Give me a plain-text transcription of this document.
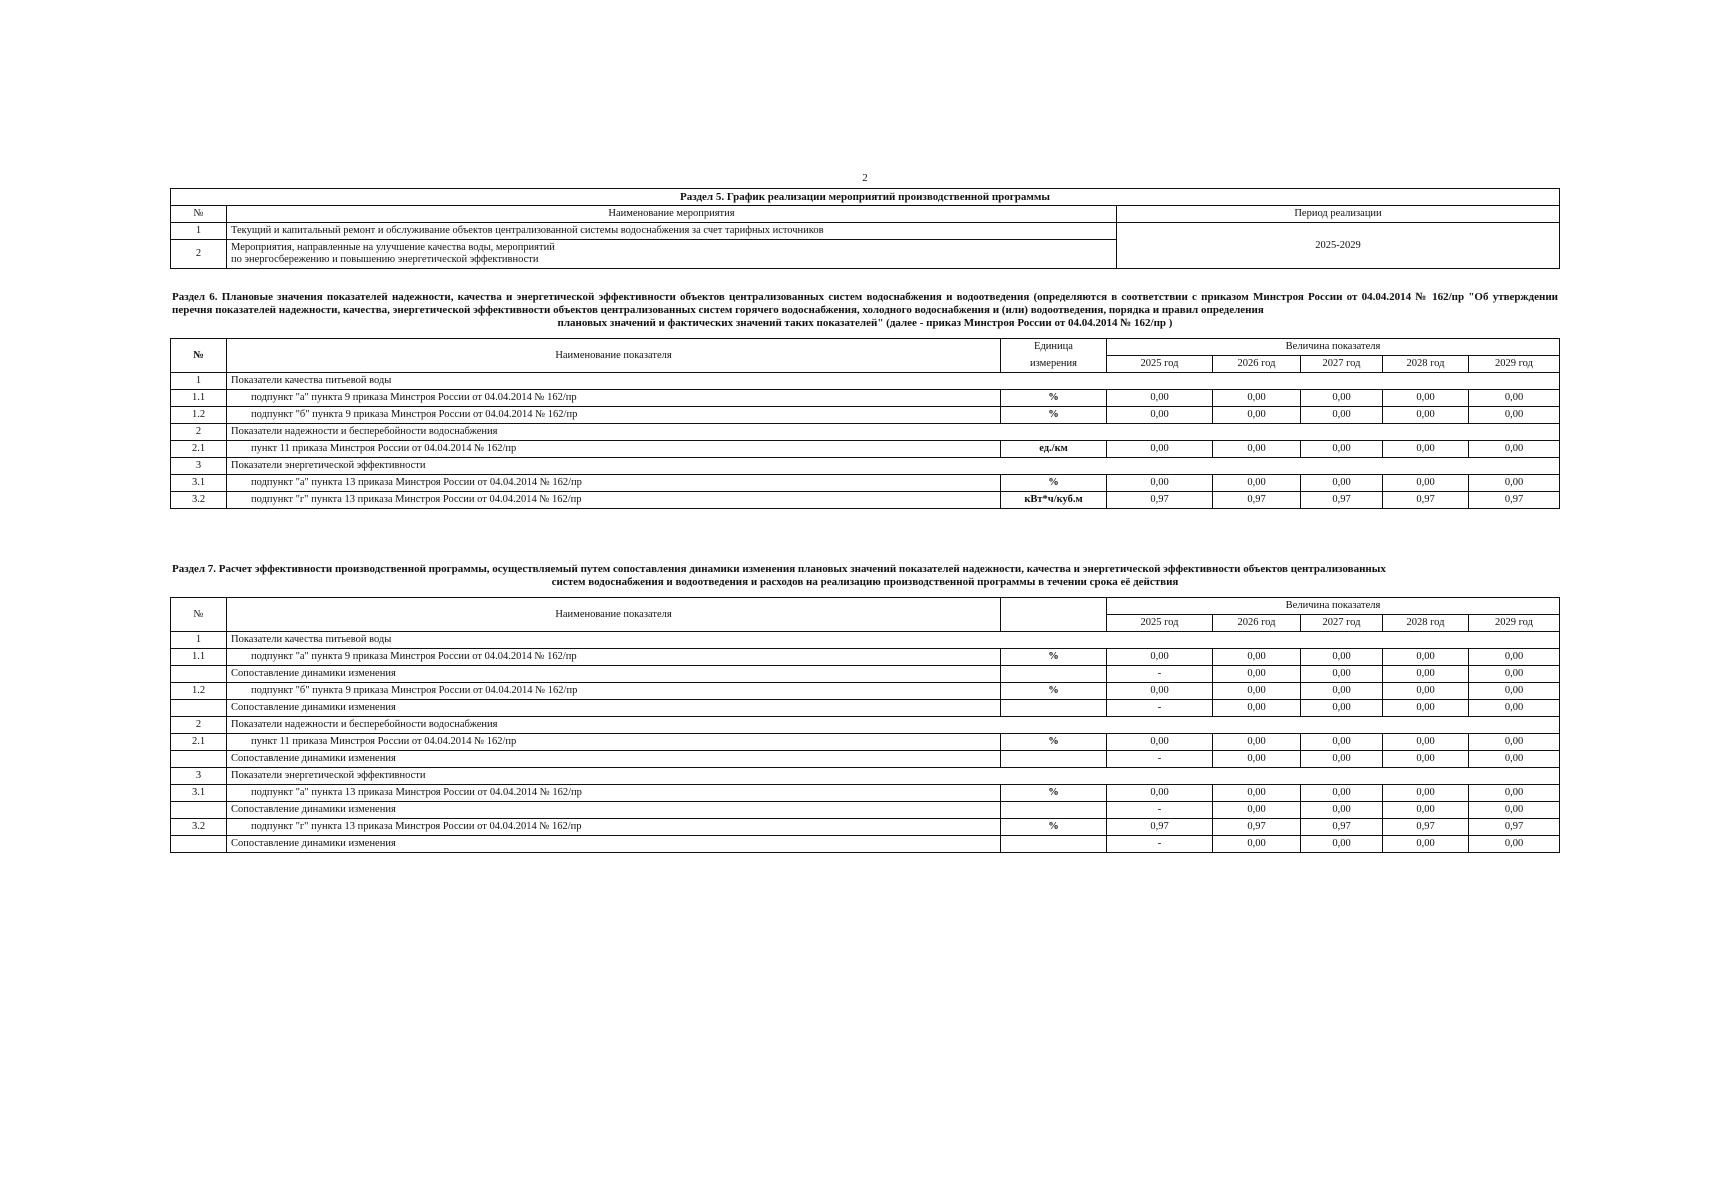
2
Раздел 5. График реализации мероприятий производственной программы		
№	Наименование мероприятия	Период реализации
1	Текущий и капитальный ремонт и обслуживание объектов централизованной системы водоснабжения за счет тарифных источников	2025-2029
2	Мероприятия, направленные на улучшение качества воды, мероприятий
по энергосбережению и повышению энергетической эффективности	
Раздел 6. Плановые значения показателей надежности, качества и энергетической эффективности объектов централизованных систем водоснабжения и водоотведения (определяются в соответствии с приказом Минстроя России от 04.04.2014 № 162/пр "Об утверждении перечня показателей надежности, качества, энергетической эффективности объектов централизованных систем горячего водоснабжения, холодного водоснабжения и (или) водоотведения, порядка и правил определения
плановых значений и фактических значений таких показателей" (далее - приказ Минстроя России от 04.04.2014 № 162/пр )
№	Наименование показателя	Единица	Величина показателя				
		измерения	2025 год	2026 год	2027 год	2028 год	2029 год
1	Показатели качества питьевой воды						
1.1	подпункт "а" пункта 9 приказа Минстроя России от 04.04.2014 № 162/пр	%	0,00	0,00	0,00	0,00	0,00
1.2	подпункт "б" пункта 9 приказа Минстроя России от 04.04.2014 № 162/пр	%	0,00	0,00	0,00	0,00	0,00
2	Показатели надежности и бесперебойности водоснабжения						
2.1	пункт 11 приказа Минстроя России от 04.04.2014 № 162/пр	ед./км	0,00	0,00	0,00	0,00	0,00
3	Показатели энергетической эффективности						
3.1	подпункт "а" пункта 13 приказа Минстроя России от 04.04.2014 № 162/пр	%	0,00	0,00	0,00	0,00	0,00
3.2	подпункт "г" пункта 13 приказа Минстроя России от 04.04.2014 № 162/пр	кВт*ч/куб.м	0,97	0,97	0,97	0,97	0,97
Раздел 7. Расчет эффективности производственной программы, осуществляемый путем сопоставления динамики изменения плановых значений показателей надежности, качества и энергетической эффективности объектов централизованных
систем водоснабжения и водоотведения и расходов на реализацию производственной программы в течении срока её действия
№	Наименование показателя		Величина показателя				
			2025 год	2026 год	2027 год	2028 год	2029 год
1	Показатели качества питьевой воды						
1.1	подпункт "а" пункта 9 приказа Минстроя России от 04.04.2014 № 162/пр	%	0,00	0,00	0,00	0,00	0,00
	Сопоставление динамики изменения		-	0,00	0,00	0,00	0,00
1.2	подпункт "б" пункта 9 приказа Минстроя России от 04.04.2014 № 162/пр	%	0,00	0,00	0,00	0,00	0,00
	Сопоставление динамики изменения		-	0,00	0,00	0,00	0,00
2	Показатели надежности и бесперебойности водоснабжения						
2.1	пункт 11 приказа Минстроя России от 04.04.2014 № 162/пр	%	0,00	0,00	0,00	0,00	0,00
	Сопоставление динамики изменения		-	0,00	0,00	0,00	0,00
3	Показатели энергетической эффективности						
3.1	подпункт "а" пункта 13 приказа Минстроя России от 04.04.2014 № 162/пр	%	0,00	0,00	0,00	0,00	0,00
	Сопоставление динамики изменения		-	0,00	0,00	0,00	0,00
3.2	подпункт "г" пункта 13 приказа Минстроя России от 04.04.2014 № 162/пр	%	0,97	0,97	0,97	0,97	0,97
	Сопоставление динамики изменения		-	0,00	0,00	0,00	0,00
